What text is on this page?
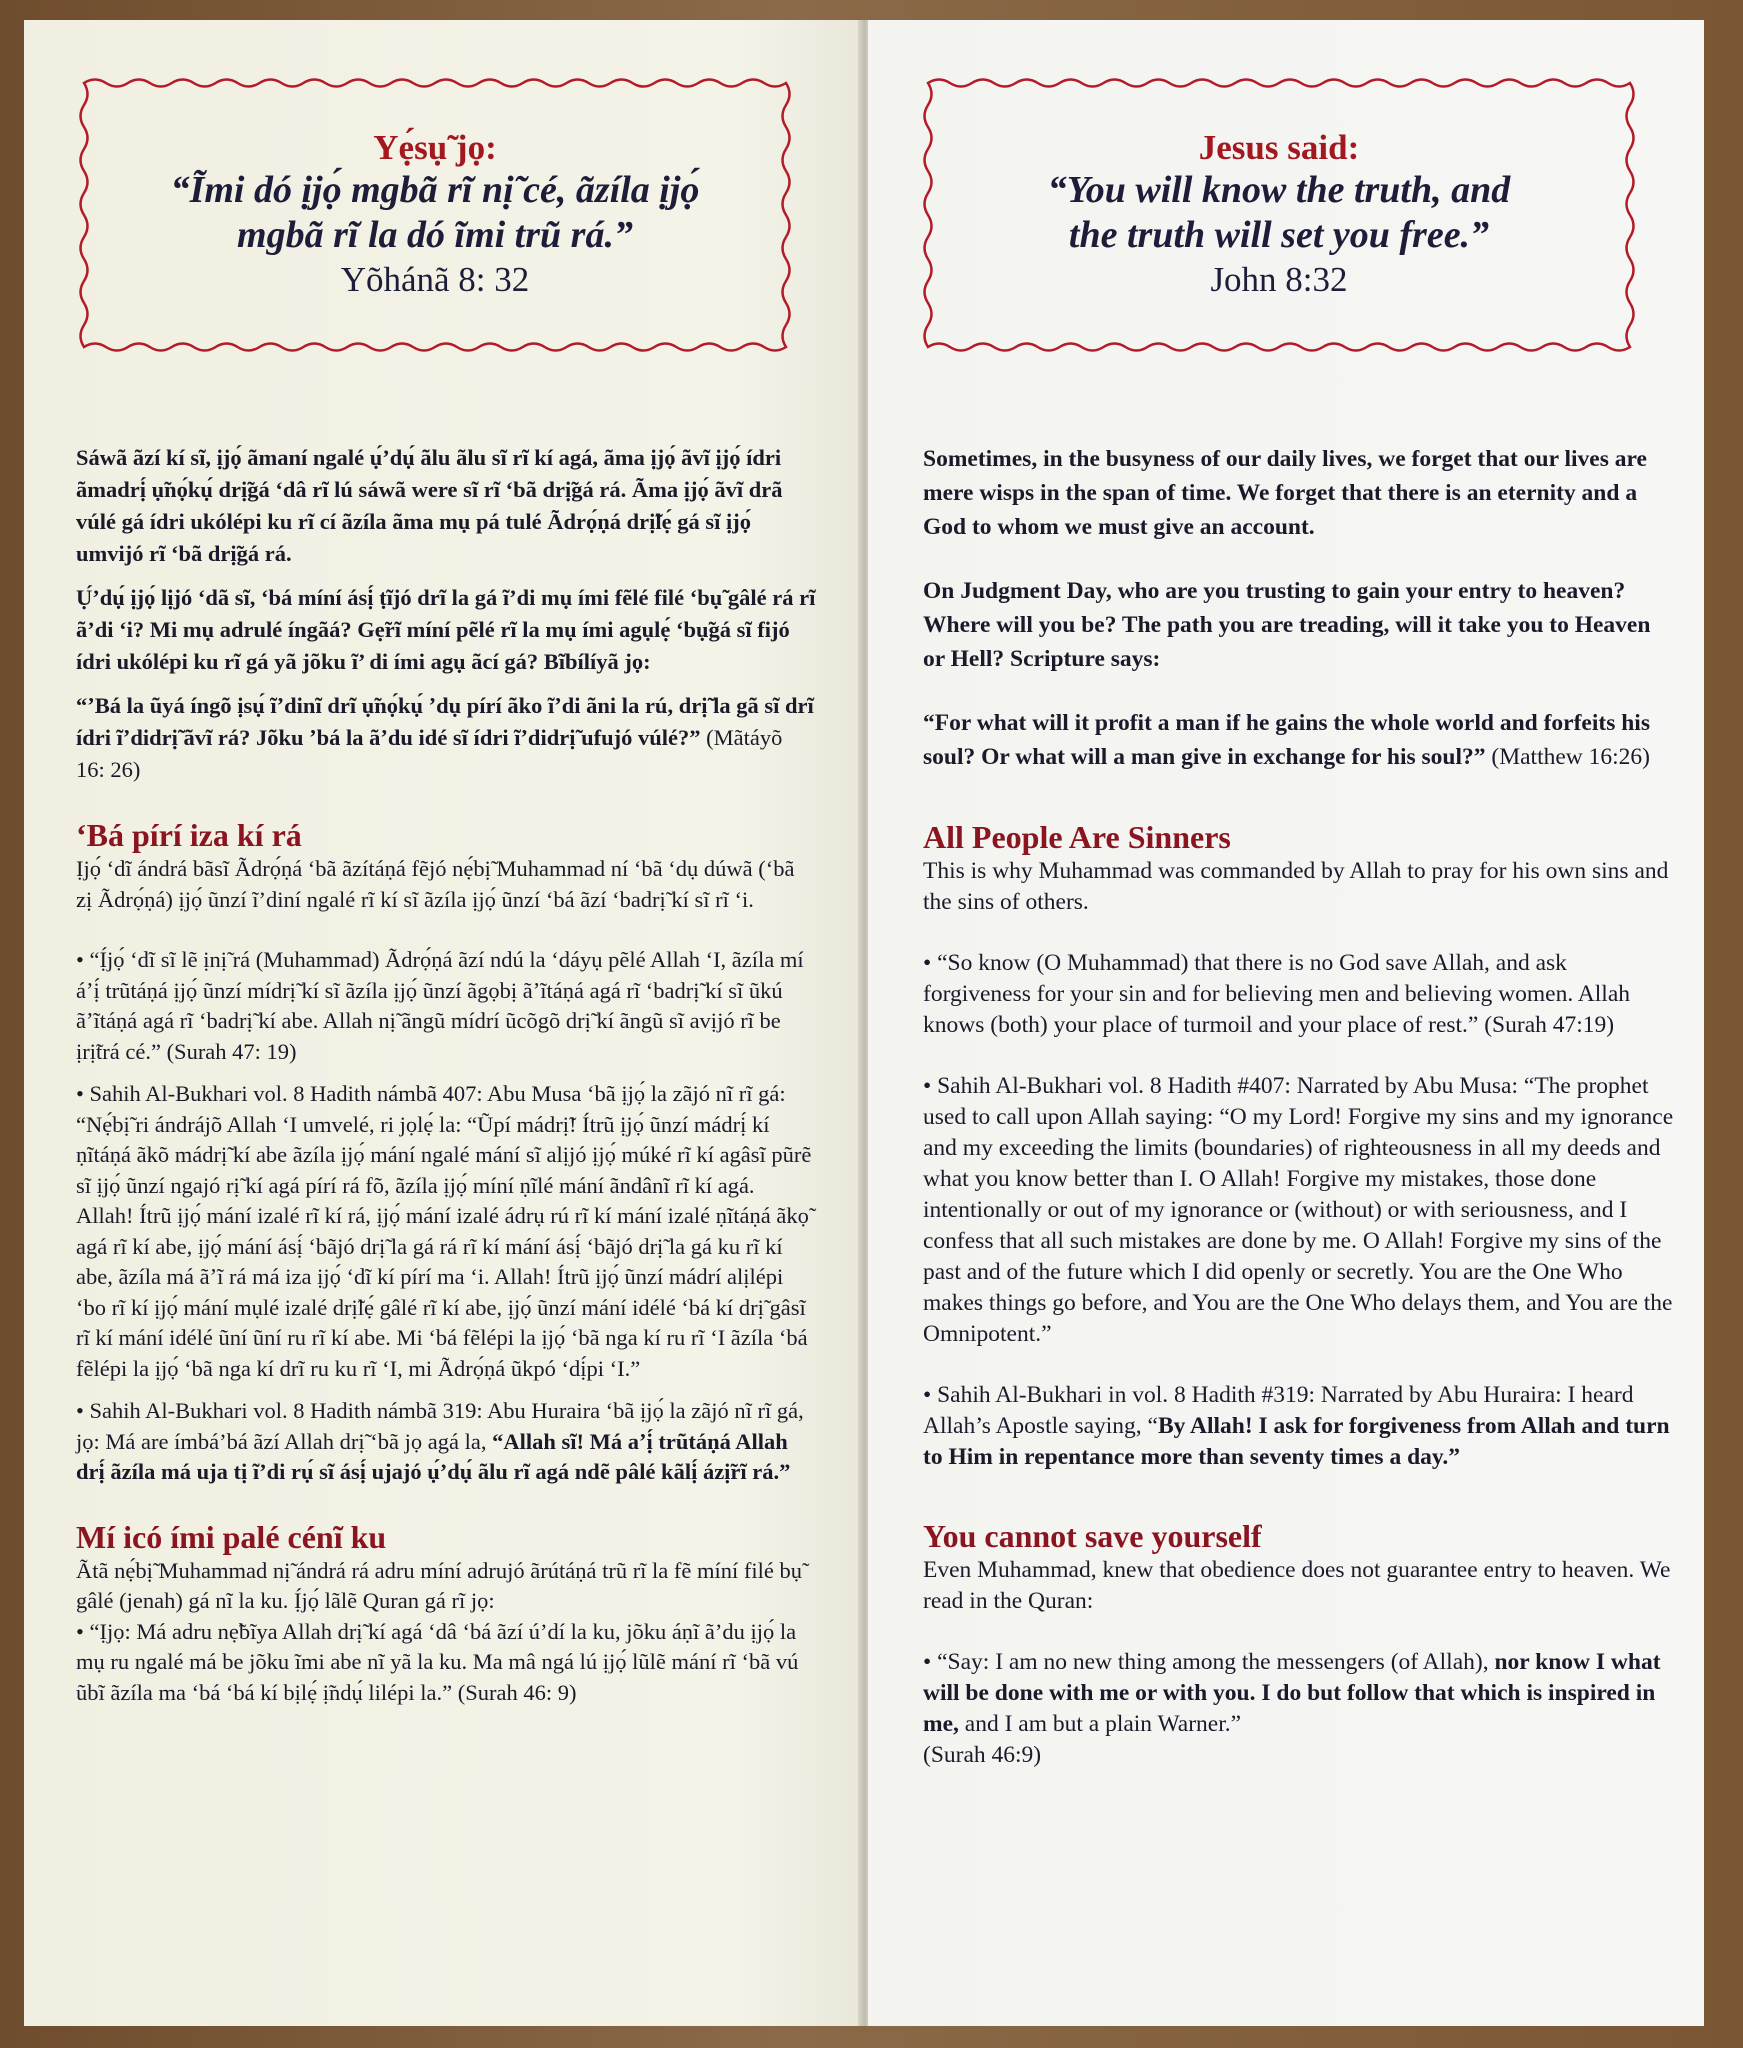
Yẹ́sụ̃ jọ:
“Ĩmi dó ịjọ́ mgbã rĩ nị̃ cé, ãzíla ịjọ́
mgbã rĩ la dó ĩmi trũ rá.”
Yõhánã 8: 32

Sáwã ãzí kí sĩ, ịjọ́ ãmaní ngalé ụ́’dụ́ ãlu ãlu sĩ rĩ kí agá, ãma ịjọ́ ãvĩ ịjọ́ ídri ãmadrị́ ụ̃nọ́kụ́ drị̃gá ‘dâ rĩ lú sáwã were sĩ rĩ ‘bã drị̃gá rá. Ãma ịjọ́ ãvĩ drã vúlé gá ídri ukólépi ku rĩ cí ãzíla ãma mụ pá tulé Ãdrọ́ṇá drị̃lẹ́ gá sĩ ịjọ́ umvijó rĩ ‘bã drị̃gá rá.

Ụ́’dụ́ ịjọ́ lịjó ‘dã sĩ, ‘bá míní ásị́ ṭĩjó drĩ la gá ĩ’di mụ ími fẽlé filé ‘bụ̃ gâlé rá rĩ ã’di ‘i? Mi mụ adrulé íngãá? Gẹ̃rĩ míní pẽlé rĩ la mụ ími agụlẹ́ ‘bụ̃gá sĩ fijó ídri ukólépi ku rĩ gá yã jõku ĩ’ di ími agụ ãcí gá? Bĩbílíyã jọ:

“ʼBá la ũyá íngõ ịsụ́ ĩʼdinĩ drĩ ụ̃nọ́kụ́ ʼdụ pírí ãko ĩʼdi ãni la rú, drị̃ la gã sĩ drĩ ídri ĩʼdidrị̃ ãvĩ rá? Jõku ʼbá la ãʼdu idé sĩ ídri ĩʼdidrị̃ ufujó vúlé?” (Mãtáyõ 16: 26)

‘Bá pírí iza kí rá

Ịjọ́ ‘dĩ ándrá bãsĩ Ãdrọ́ṇá ‘bã ãzítáṇá fẽjó nẹ́bị̃ Muhammad ní ‘bã ‘dụ dúwã (‘bã zị Ãdrọ́ṇá) ịjọ́ ũnzí ĩ’diní ngalé rĩ kí sĩ ãzíla ịjọ́ ũnzí ‘bá ãzí ‘badrị̃ kí sĩ rĩ ‘i.

• “Ị́jọ́ ‘dĩ sĩ lẽ ịnị̃ rá (Muhammad) Ãdrọ́ṇá ãzí ndú la ‘dáyụ pẽlé Allah ‘I, ãzíla mí áʼị́ trũtáṇá ịjọ́ ũnzí mídrị̃ kí sĩ ãzíla ịjọ́ ũnzí ãgọbị ãʼĩtáṇá agá rĩ ‘badrị̃ kí sĩ ũkú ãʼĩtáṇá agá rĩ ‘badrị̃ kí abe. Allah nị̃ ãngũ mídrí ũcõgõ drị̃ kí ãngũ sĩ avịjó rĩ be ịrị̃trá cé.” (Surah 47: 19)

• Sahih Al-Bukhari vol. 8 Hadith námbã 407: Abu Musa ‘bã ịjọ́ la zãjó nĩ rĩ gá: “Nẹ́bị̃ ri ándrájõ Allah ‘I umvelé, ri jọlẹ́ la: “Ũpí mádrị̃! Ítrũ ịjọ́ ũnzí mádrị́ kí ṇĩtáṇá ãkõ mádrị̃ kí abe ãzíla ịjọ́ mání ngalé mání sĩ alịjó ịjọ́ múké rĩ kí agâsĩ pũrẽ sĩ ịjọ́ ũnzí ngajó rị̃ kí agá pírí rá fõ, ãzíla ịjọ́ míní ṇĩlé mání ãndânĩ rĩ kí agá. Allah! Ítrũ ịjọ́ mání izalé rĩ kí rá, ịjọ́ mání izalé ádrụ rú rĩ kí mání izalé ṇĩtáṇá ãkọ̃ agá rĩ kí abe, ịjọ́ mání ásị́ ‘bãjó drị̃ la gá rá rĩ kí mání ásị́ ‘bãjó drị̃ la gá ku rĩ kí abe, ãzíla má ãʼĩ rá má iza ịjọ́ ‘dĩ kí pírí ma ‘i. Allah! Ítrũ ịjọ́ ũnzí mádrí alịlépi ‘bo rĩ kí ịjọ́ mání mụlé izalé drị̃lẹ́ gâlé rĩ kí abe, ịjọ́ ũnzí mání idélé ‘bá kí drị̃ gâsĩ rĩ kí mání idélé ũní ũní ru rĩ kí abe. Mi ‘bá fẽlépi la ịjọ́ ‘bã nga kí ru rĩ ‘I ãzíla ‘bá fẽlépi la ịjọ́ ‘bã nga kí drĩ ru ku rĩ ‘I, mi Ãdrọ́ṇá ũkpó ‘dị́pi ‘I.”

• Sahih Al-Bukhari vol. 8 Hadith námbã 319: Abu Huraira ‘bã ịjọ́ la zãjó nĩ rĩ gá, jọ: Má are ímbá’bá ãzí Allah drị̃ ‘bã jọ agá la, “Allah sĩ! Má aʼị́ trũtáṇá Allah drị́ ãzíla má uja tị ĩ’di rụ́ sĩ ásị́ ujajó ụ́’dụ́ ãlu rĩ agá ndẽ pâlé kãlị́ ázị̃rĩ rá.”

Mí icó ími palé cénĩ ku

Ãtã nẹ́bị̃ Muhammad nị̃ ándrá rá adru míní adrujó ãrútáṇá trũ rĩ la fẽ míní filé bụ̃ gâlé (jenah) gá nĩ la ku. Ị́jọ́ lãlẽ Quran gá rĩ jọ:

• “Ịjọ: Má adru nẹ̃bĩya Allah drị̃ kí agá ‘dâ ‘bá ãzí ú’dí la ku, jõku áṇĩ ã’du ịjọ́ la mụ ru ngalé má be jõku ĩmi abe nĩ yã la ku. Ma mâ ngá lú ịjọ́ lũlẽ mání rĩ ‘bã vú ũbĩ ãzíla ma ‘bá ‘bá kí bịlẹ́ ị̃ndụ́ lilépi la.” (Surah 46: 9)

Jesus said:
“You will know the truth, and
the truth will set you free.”
John 8:32

Sometimes, in the busyness of our daily lives, we forget that our lives are mere wisps in the span of time. We forget that there is an eternity and a God to whom we must give an account.

On Judgment Day, who are you trusting to gain your entry to heaven? Where will you be? The path you are treading, will it take you to Heaven or Hell? Scripture says:

“For what will it profit a man if he gains the whole world and forfeits his soul? Or what will a man give in exchange for his soul?” (Matthew 16:26)

All People Are Sinners

This is why Muhammad was commanded by Allah to pray for his own sins and the sins of others.

• “So know (O Muhammad) that there is no God save Allah, and ask forgiveness for your sin and for believing men and believing women. Allah knows (both) your place of turmoil and your place of rest.” (Surah 47:19)

• Sahih Al-Bukhari vol. 8 Hadith #407: Narrated by Abu Musa: “The prophet used to call upon Allah saying: “O my Lord! Forgive my sins and my ignorance and my exceeding the limits (boundaries) of righteousness in all my deeds and what you know better than I. O Allah! Forgive my mistakes, those done intentionally or out of my ignorance or (without) or with seriousness, and I confess that all such mistakes are done by me. O Allah! Forgive my sins of the past and of the future which I did openly or secretly. You are the One Who makes things go before, and You are the One Who delays them, and You are the Omnipotent.”

• Sahih Al-Bukhari in vol. 8 Hadith #319: Narrated by Abu Huraira: I heard Allah’s Apostle saying, “By Allah! I ask for forgiveness from Allah and turn to Him in repentance more than seventy times a day.”

You cannot save yourself

Even Muhammad, knew that obedience does not guarantee entry to heaven. We read in the Quran:

• “Say: I am no new thing among the messengers (of Allah), nor know I what will be done with me or with you. I do but follow that which is inspired in me, and I am but a plain Warner.”
(Surah 46:9)
